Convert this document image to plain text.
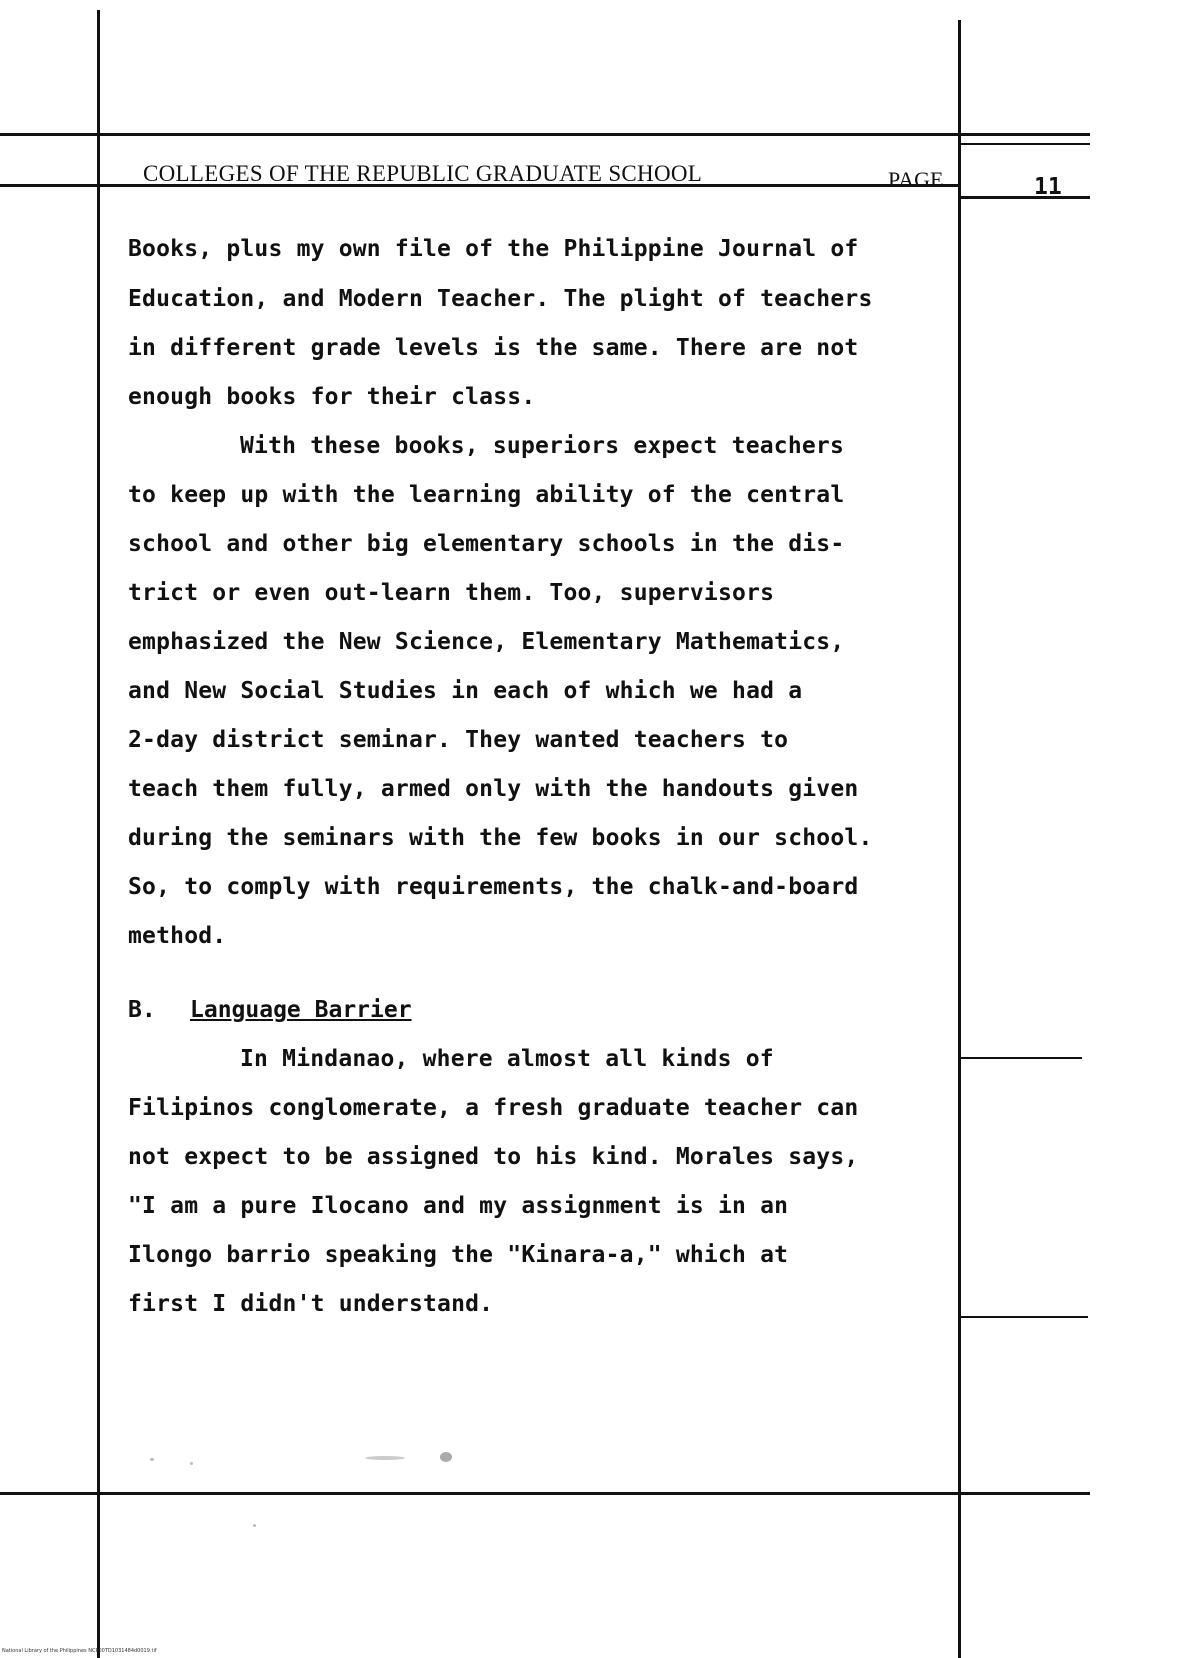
COLLEGES OF THE REPUBLIC GRADUATE SCHOOL	PAGE	11
Books, plus my own file of the Philippine Journal of
Education, and Modern Teacher. The plight of teachers
in different grade levels is the same. There are not
enough books for their class.
With these books, superiors expect teachers
to keep up with the learning ability of the central
school and other big elementary schools in the dis-
trict or even out-learn them. Too, supervisors
emphasized the New Science, Elementary Mathematics,
and New Social Studies in each of which we had a
2-day district seminar. They wanted teachers to
teach them fully, armed only with the handouts given
during the seminars with the few books in our school.
So, to comply with requirements, the chalk-and-board
method.
B. Language Barrier
In Mindanao, where almost all kinds of
Filipinos conglomerate, a fresh graduate teacher can
not expect to be assigned to his kind. Morales says,
"I am a pure Ilocano and my assignment is in an
Ilongo barrio speaking the "Kinara-a," which at
first I didn't understand.
National Library of the Philippines NCP00TD1031484d0019.tif
